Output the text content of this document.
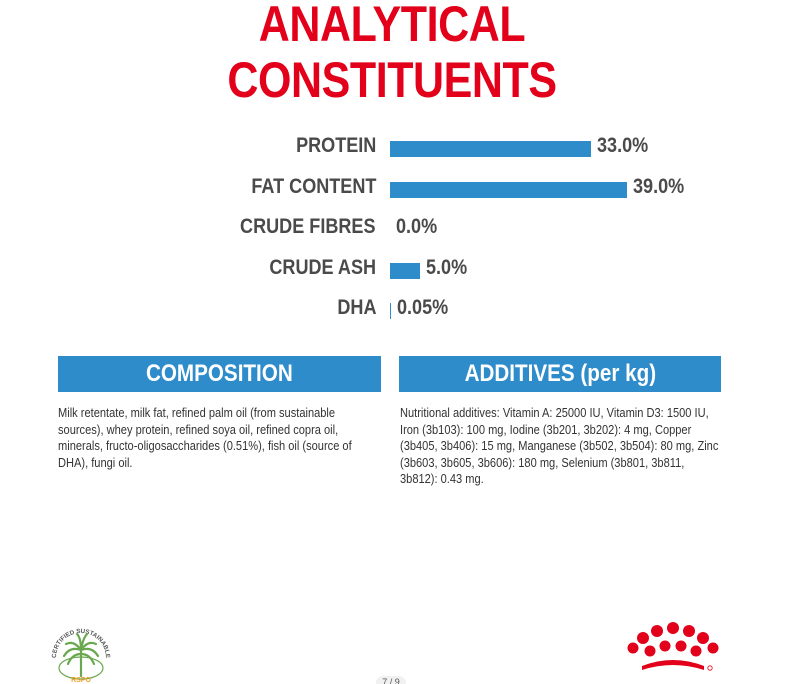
ANALYTICAL
CONSTITUENTS
PROTEIN	33.0%
FAT CONTENT	39.0%
CRUDE FIBRES 0.0%
CRUDE ASH 5.0%
DHA 0.05%
COMPOSITION
Milk retentate, milk fat, refined palm oil (from sustainable sources), whey protein, refined soya oil, refined copra oil, minerals, fructo-oligosaccharides (0.51%), fish oil (source of DHA), fungi oil.
ADDITIVES (per kg)
Nutritional additives: Vitamin A: 25000 IU, Vitamin D3: 1500 IU, Iron (3b103): 100 mg, Iodine (3b201, 3b202): 4 mg, Copper (3b405, 3b406): 15 mg, Manganese (3b502, 3b504): 80 mg, Zinc (3b603, 3b605, 3b606): 180 mg, Selenium (3b801, 3b811, 3b812): 0.43 mg.
CERTIFIED SUSTAINABLE
RSPO	7 / 9
